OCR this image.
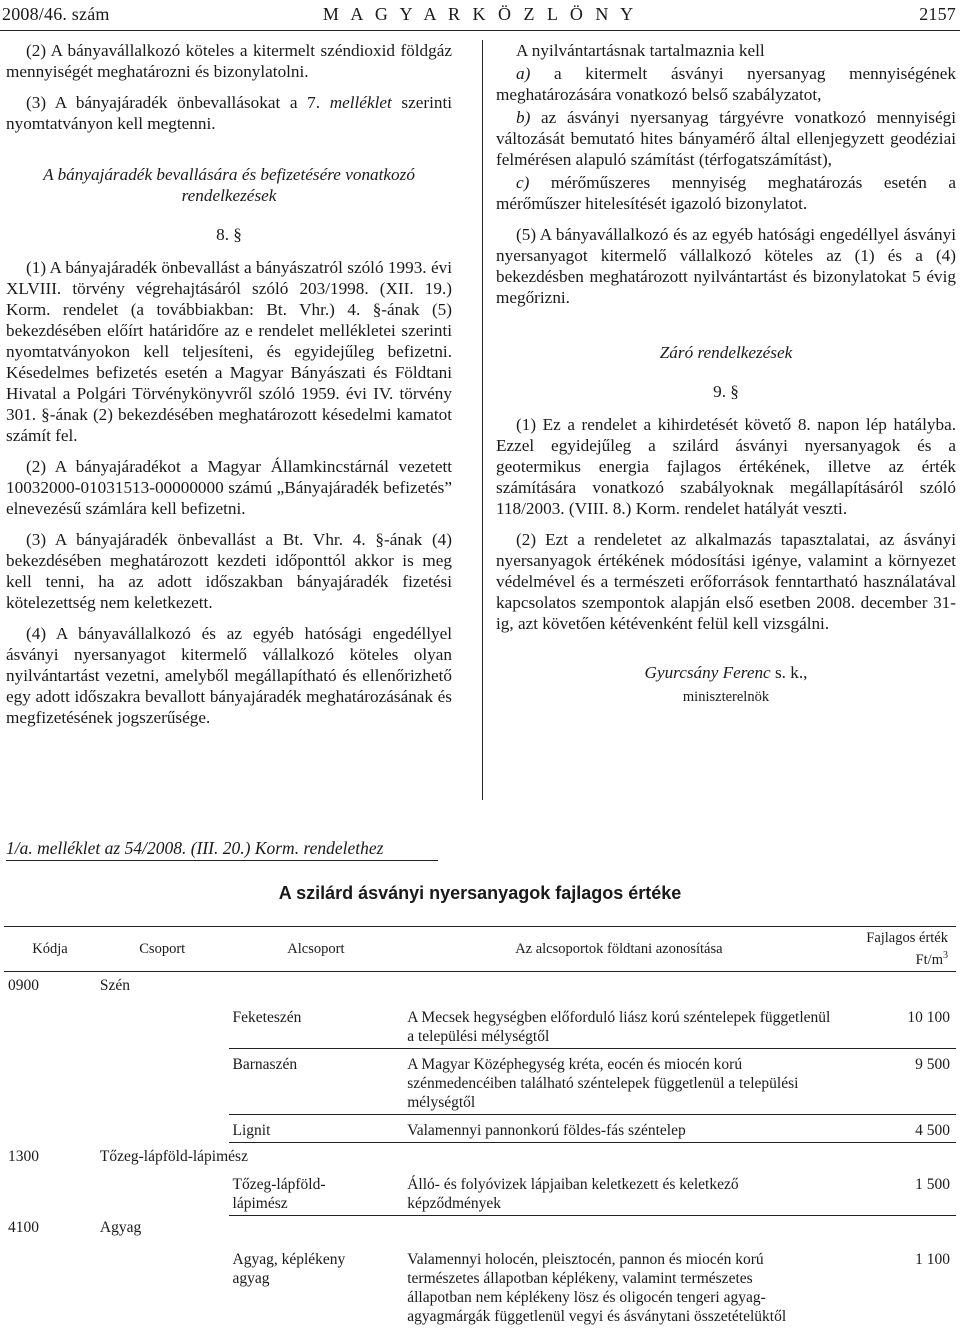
2008/46. szám	M A G Y A R K Ö Z L Ö N Y	2157

(2) A bányavállalkozó köteles a kitermelt széndioxid földgáz mennyiségét meghatározni és bizonylatolni.

(3) A bányajáradék önbevallásokat a 7. melléklet szerinti nyomtatványon kell megtenni.

A bányajáradék bevallására és befizetésére vonatkozó rendelkezések
8. §

(1) A bányajáradék önbevallást a bányászatról szóló 1993. évi XLVIII. törvény végrehajtásáról szóló 203/1998. (XII. 19.) Korm. rendelet (a továbbiakban: Bt. Vhr.) 4. §-ának (5) bekezdésében előírt határidőre az e rendelet mellékletei szerinti nyomtatványokon kell teljesíteni, és egyidejűleg befizetni. Késedelmes befizetés esetén a Magyar Bányászati és Földtani Hivatal a Polgári Törvénykönyvről szóló 1959. évi IV. törvény 301. §-ának (2) bekezdésében meghatározott késedelmi kamatot számít fel.

(2) A bányajáradékot a Magyar Államkincstárnál vezetett 10032000-01031513-00000000 számú „Bányajáradék befizetés” elnevezésű számlára kell befizetni.

(3) A bányajáradék önbevallást a Bt. Vhr. 4. §-ának (4) bekezdésében meghatározott kezdeti időponttól akkor is meg kell tenni, ha az adott időszakban bányajáradék fizetési kötelezettség nem keletkezett.

(4) A bányavállalkozó és az egyéb hatósági engedéllyel ásványi nyersanyagot kitermelő vállalkozó köteles olyan nyilvántartást vezetni, amelyből megállapítható és ellenőrizhető egy adott időszakra bevallott bányajáradék meghatározásának és megfizetésének jogszerűsége.

A nyilvántartásnak tartalmaznia kell

a) a kitermelt ásványi nyersanyag mennyiségének meghatározására vonatkozó belső szabályzatot,

b) az ásványi nyersanyag tárgyévre vonatkozó mennyiségi változását bemutató hites bányamérő által ellenjegyzett geodéziai felmérésen alapuló számítást (térfogatszámítást),

c) mérőműszeres mennyiség meghatározás esetén a mérőműszer hitelesítését igazoló bizonylatot.

(5) A bányavállalkozó és az egyéb hatósági engedéllyel ásványi nyersanyagot kitermelő vállalkozó köteles az (1) és a (4) bekezdésben meghatározott nyilvántartást és bizonylatokat 5 évig megőrizni.

Záró rendelkezések
9. §

(1) Ez a rendelet a kihirdetését követő 8. napon lép hatályba. Ezzel egyidejűleg a szilárd ásványi nyersanyagok és a geotermikus energia fajlagos értékének, illetve az érték számítására vonatkozó szabályoknak megállapításáról szóló 118/2003. (VIII. 8.) Korm. rendelet hatályát veszti.

(2) Ezt a rendeletet az alkalmazás tapasztalatai, az ásványi nyersanyagok értékének módosítási igénye, valamint a környezet védelmével és a természeti erőforrások fenntartható használatával kapcsolatos szempontok alapján első esetben 2008. december 31-ig, azt követően kétévenként felül kell vizsgálni.

Gyurcsány Ferenc s. k.,
miniszterelnök
1/a. melléklet az 54/2008. (III. 20.) Korm. rendelethez
A szilárd ásványi nyersanyagok fajlagos értéke
Kódja	Csoport	Alcsoport	Az alcsoportok földtani azonosítása	Fajlagos érték
$Ft/m^3$

0900	Szén			
		Feketeszén	A Mecsek hegységben előforduló liász korú széntelepek függetlenül a települési mélységtől	10 100
		Barnaszén	A Magyar Középhegység kréta, eocén és miocén korú szénmedencéiben található széntelepek függetlenül a települési mélységtől	9 500
		Lignit	Valamennyi pannonkorú földes-fás széntelep	4 500
1300	Tőzeg-lápföld-lápimész			
		Tőzeg-lápföld-lápimész	Álló- és folyóvizek lápjaiban keletkezett és keletkező képződmények	1 500
4100	Agyag			
		Agyag, képlékeny agyag	Valamennyi holocén, pleisztocén, pannon és miocén korú természetes állapotban képlékeny, valamint természetes állapotban nem képlékeny lösz és oligocén tengeri agyag-agyagmárgák függetlenül vegyi és ásványtani összetételüktől	1 100
